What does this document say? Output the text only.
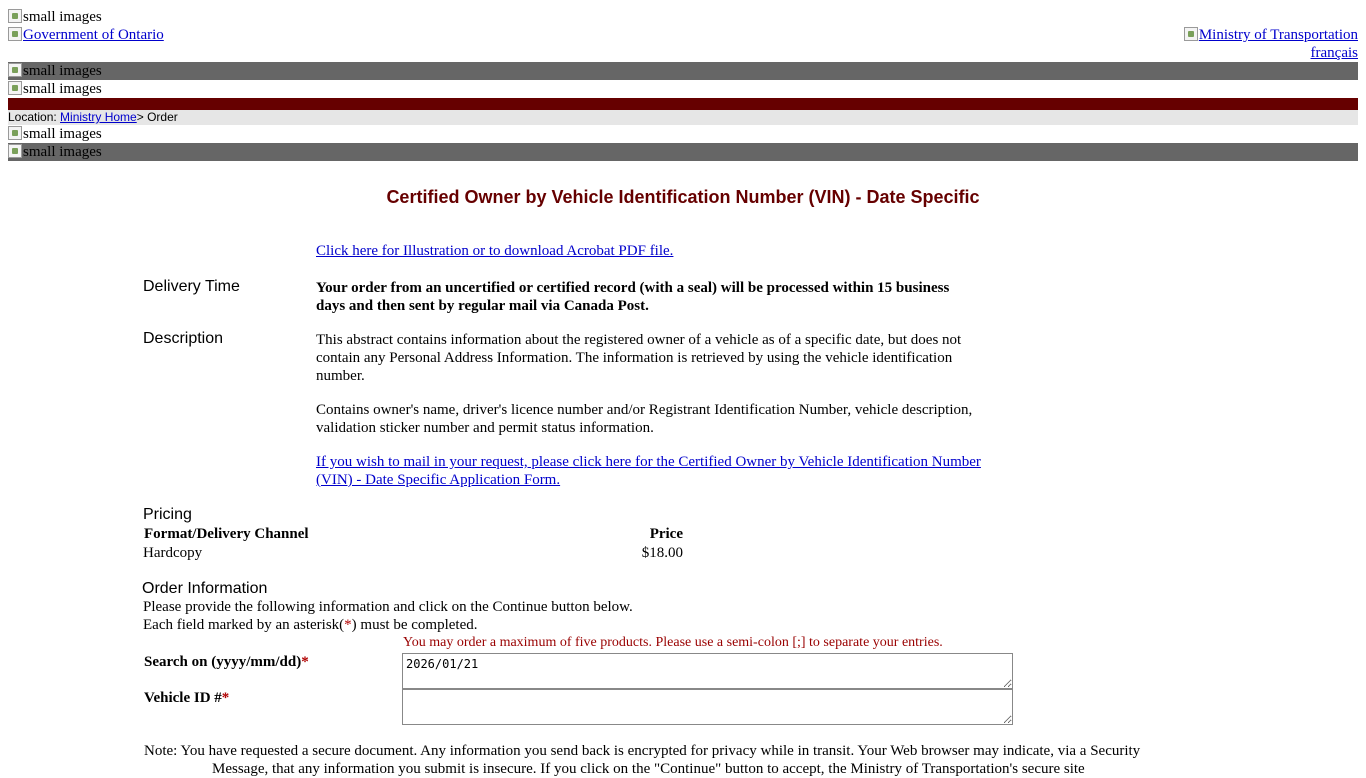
small images
Government of Ontario	Ministry of Transportation
français
small images
small images
Location: Ministry Home> Order
small images
small images
Certified Owner by Vehicle Identification Number (VIN) - Date Specific
Click here for Illustration or to download Acrobat PDF file.
Delivery Time	Your order from an uncertified or certified record (with a seal) will be processed within 15 business days and then sent by regular mail via Canada Post.
Description	This abstract contains information about the registered owner of a vehicle as of a specific date, but does not contain any Personal Address Information. The information is retrieved by using the vehicle identification number.
Contains owner's name, driver's licence number and/or Registrant Identification Number, vehicle description, validation sticker number and permit status information.
If you wish to mail in your request, please click here for the Certified Owner by Vehicle Identification Number (VIN) - Date Specific Application Form.
Pricing
Format/Delivery Channel	Price
Hardcopy	$18.00
Order Information
Please provide the following information and click on the Continue button below.
Each field marked by an asterisk(*) must be completed.
You may order a maximum of five products. Please use a semi-colon [;] to separate your entries.
Search on (yyyy/mm/dd)*
2026/01/21
Vehicle ID #*
Note: You have requested a secure document. Any information you send back is encrypted for privacy while in transit. Your Web browser may indicate, via a Security
Message, that any information you submit is insecure. If you click on the "Continue" button to accept, the Ministry of Transportation's secure site
